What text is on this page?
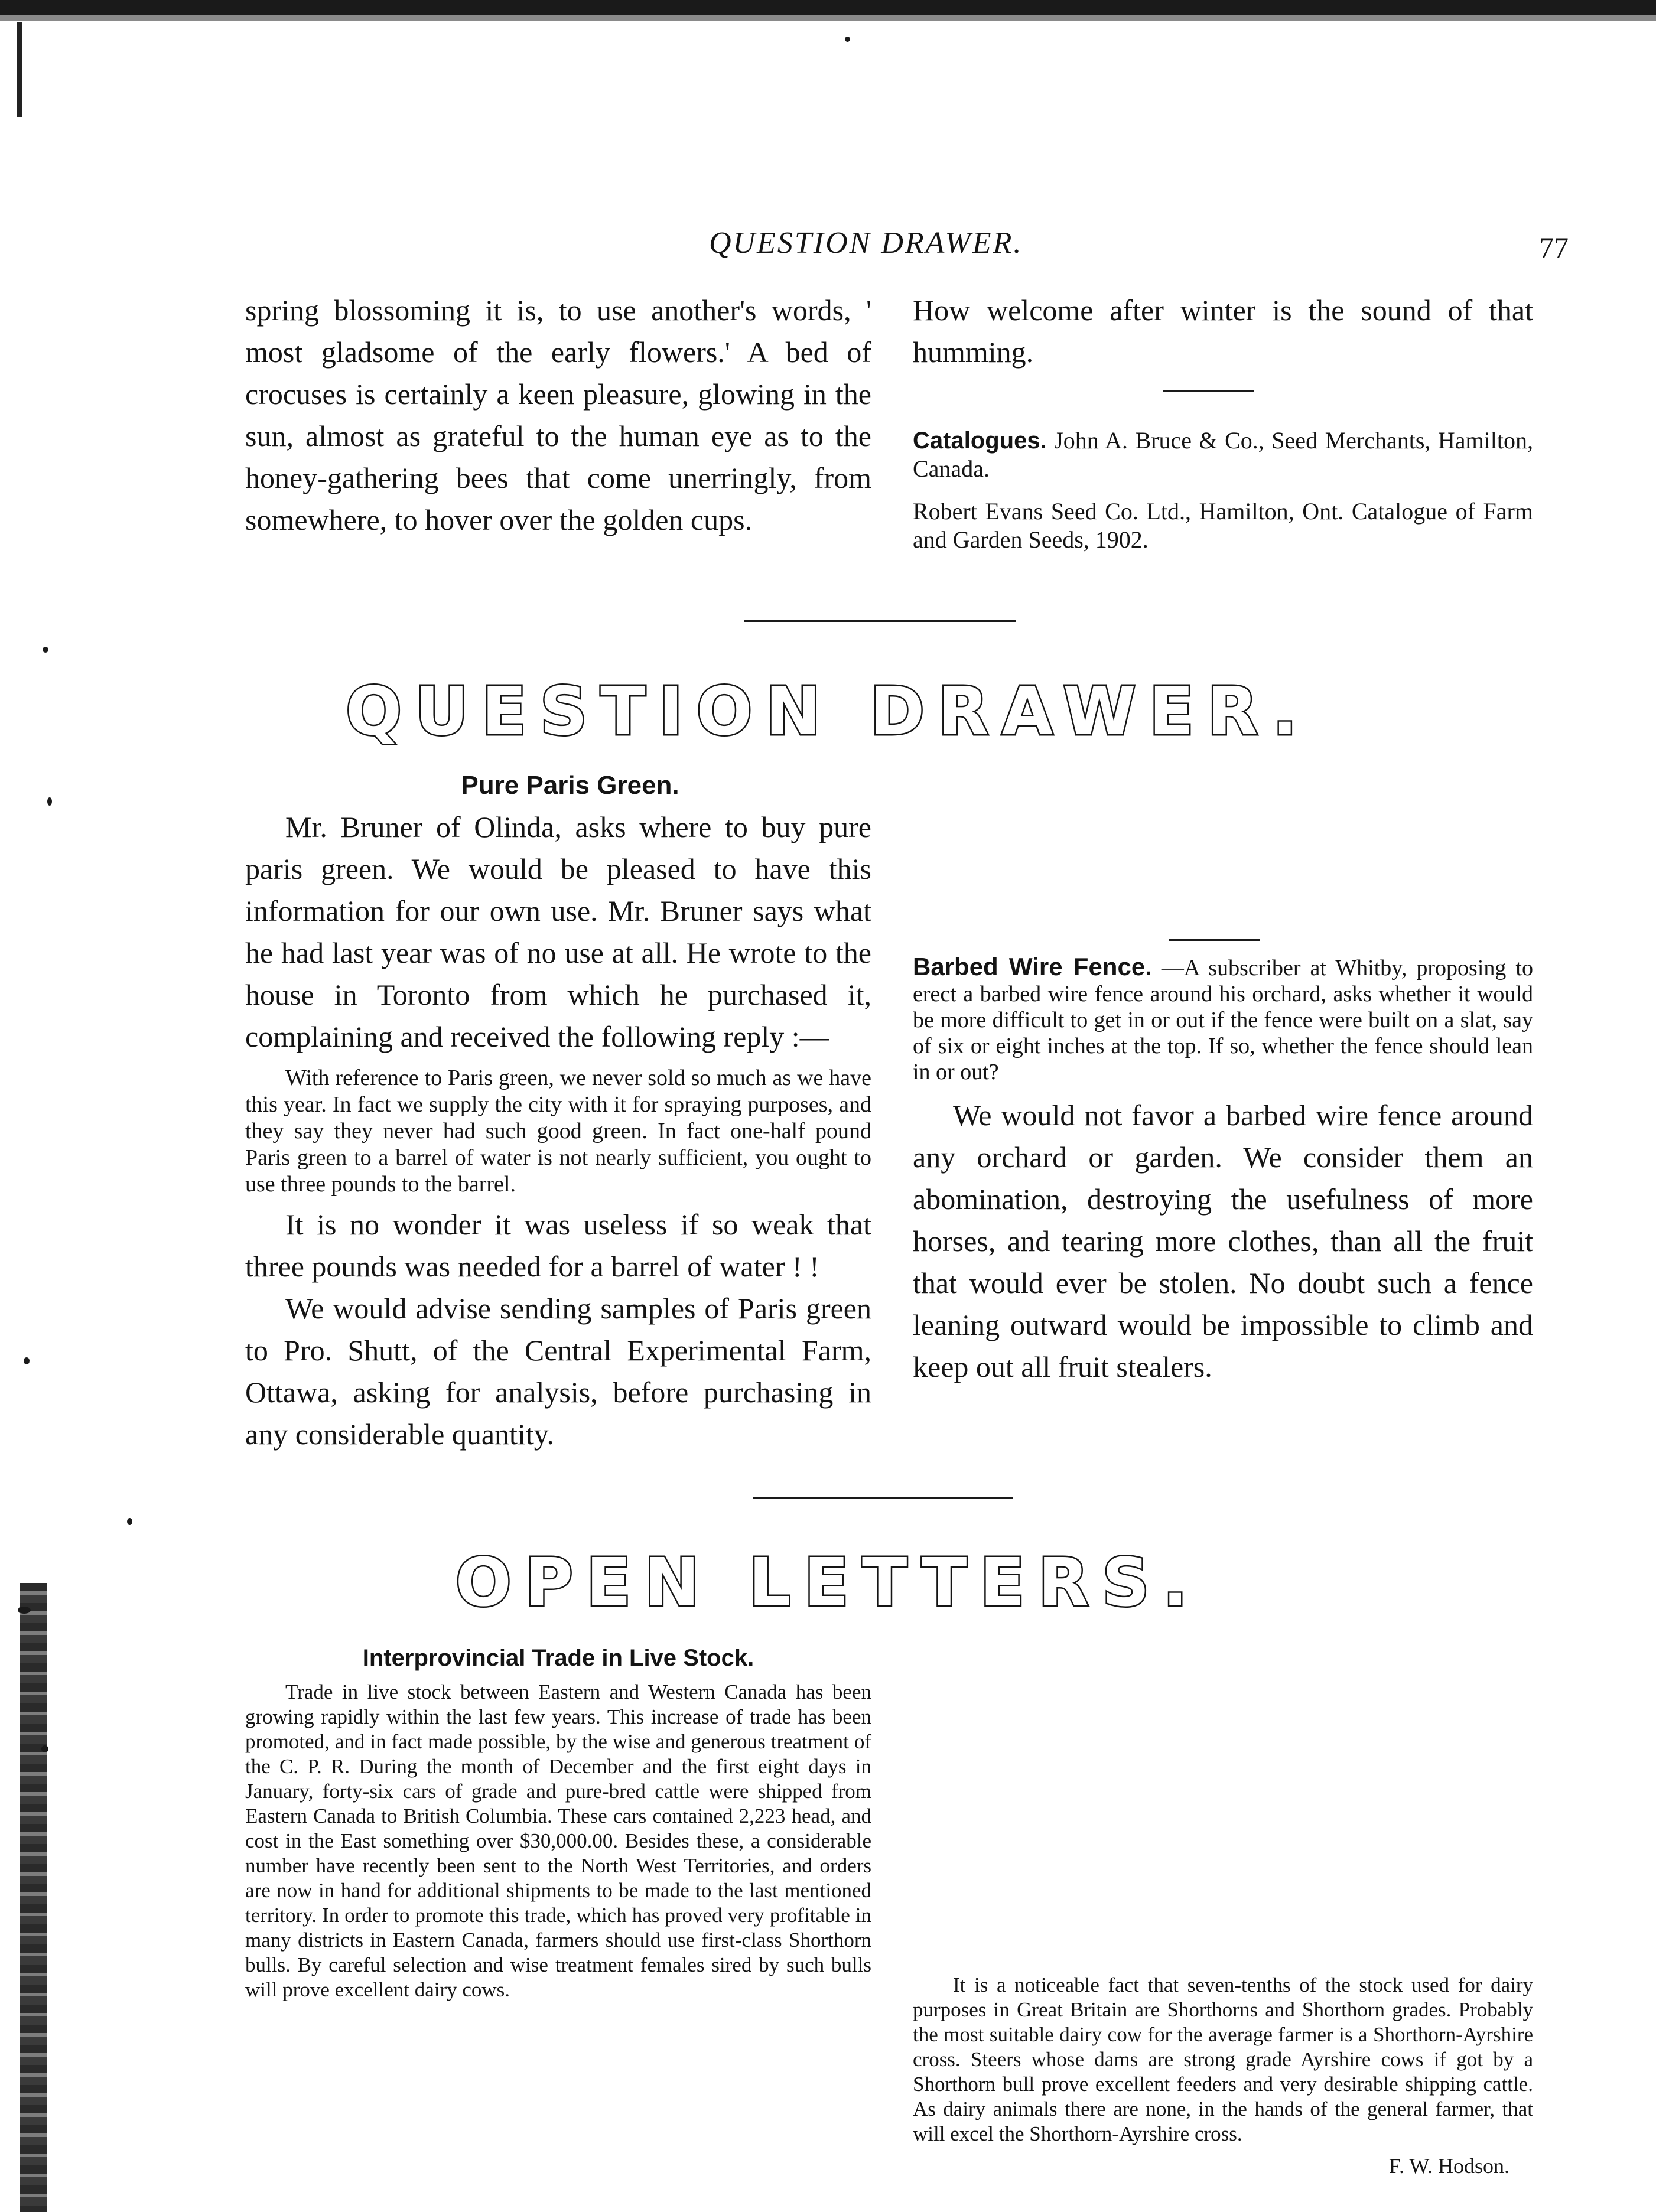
QUESTION DRAWER.	77

spring blossoming it is, to use another's words, ' most gladsome of the early flowers.' A bed of crocuses is certainly a keen pleasure, glowing in the sun, almost as grateful to the human eye as to the honey-gathering bees that come unerringly, from somewhere, to hover over the golden cups.

How welcome after winter is the sound of that humming.

Catalogues. John A. Bruce & Co., Seed Merchants, Hamilton, Canada.

Robert Evans Seed Co. Ltd., Hamilton, Ont. Catalogue of Farm and Garden Seeds, 1902.

QUESTION DRAWER.

Pure Paris Green.

Mr. Bruner of Olinda, asks where to buy pure paris green. We would be pleased to have this information for our own use. Mr. Bruner says what he had last year was of no use at all. He wrote to the house in Toronto from which he purchased it, complaining and received the following reply :—

With reference to Paris green, we never sold so much as we have this year. In fact we supply the city with it for spraying purposes, and they say they never had such good green. In fact one-half pound Paris green to a barrel of water is not nearly sufficient, you ought to use three pounds to the barrel.

It is no wonder it was useless if so weak that three pounds was needed for a barrel of water ! !

We would advise sending samples of Paris green to Pro. Shutt, of the Central Experimental Farm, Ottawa, asking for analysis, before purchasing in any considerable quantity.

Barbed Wire Fence. —A subscriber at Whitby, proposing to erect a barbed wire fence around his orchard, asks whether it would be more difficult to get in or out if the fence were built on a slat, say of six or eight inches at the top. If so, whether the fence should lean in or out?

We would not favor a barbed wire fence around any orchard or garden. We consider them an abomination, destroying the usefulness of more horses, and tearing more clothes, than all the fruit that would ever be stolen. No doubt such a fence leaning outward would be impossible to climb and keep out all fruit stealers.

OPEN LETTERS.

Interprovincial Trade in Live Stock.

Trade in live stock between Eastern and Western Canada has been growing rapidly within the last few years. This increase of trade has been promoted, and in fact made possible, by the wise and generous treatment of the C. P. R. During the month of December and the first eight days in January, forty-six cars of grade and pure-bred cattle were shipped from Eastern Canada to British Columbia. These cars contained 2,223 head, and cost in the East something over $30,000.00. Besides these, a considerable number have recently been sent to the North West Territories, and orders are now in hand for additional shipments to be made to the last mentioned territory. In order to promote this trade, which has proved very profitable in many districts in Eastern Canada, farmers should use first-class Shorthorn bulls. By careful selection and wise treatment females sired by such bulls will prove excellent dairy cows.	It is a noticeable fact that seven-tenths of the stock used for dairy purposes in Great Britain are Shorthorns and Shorthorn grades. Probably the most suitable dairy cow for the average farmer is a Shorthorn-Ayrshire cross. Steers whose dams are strong grade Ayrshire cows if got by a Shorthorn bull prove excellent feeders and very desirable shipping cattle. As dairy animals there are none, in the hands of the general farmer, that will excel the Shorthorn-Ayrshire cross.

F. W. Hodson.
